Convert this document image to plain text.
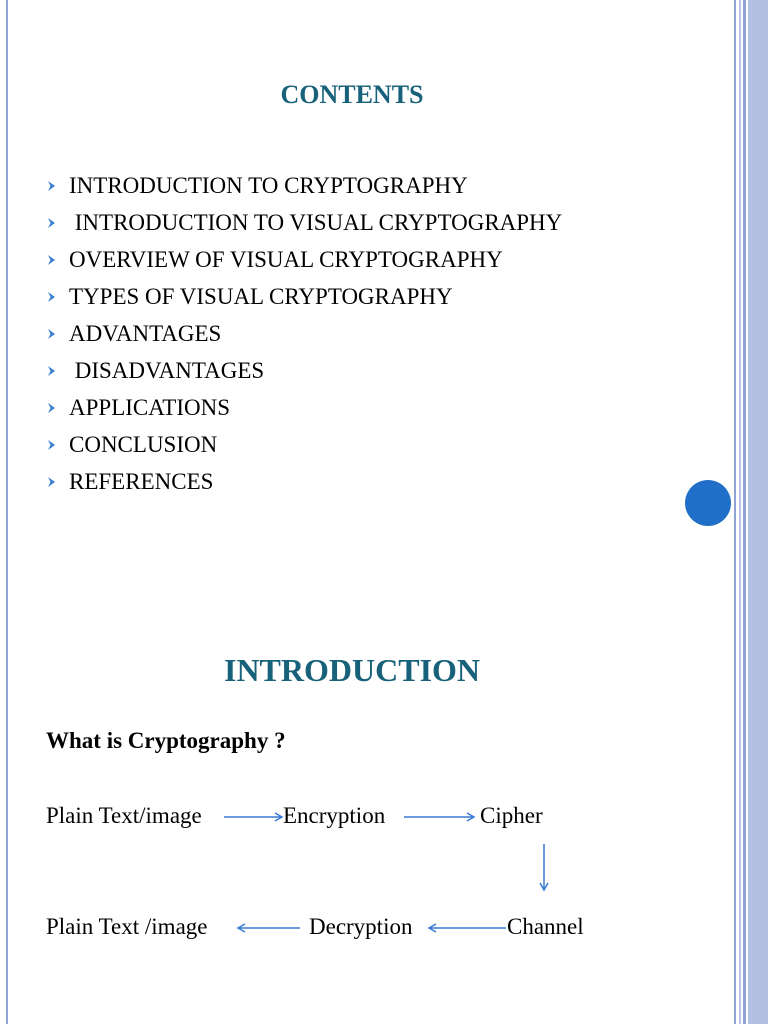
CONTENTS
INTRODUCTION TO CRYPTOGRAPHY
INTRODUCTION TO VISUAL CRYPTOGRAPHY
OVERVIEW OF VISUAL CRYPTOGRAPHY
TYPES OF VISUAL CRYPTOGRAPHY
ADVANTAGES
DISADVANTAGES
APPLICATIONS
CONCLUSION
REFERENCES
INTRODUCTION
What is Cryptography ?
Plain Text/image	Encryption	Cipher
Plain Text /image	Decryption	Channel
